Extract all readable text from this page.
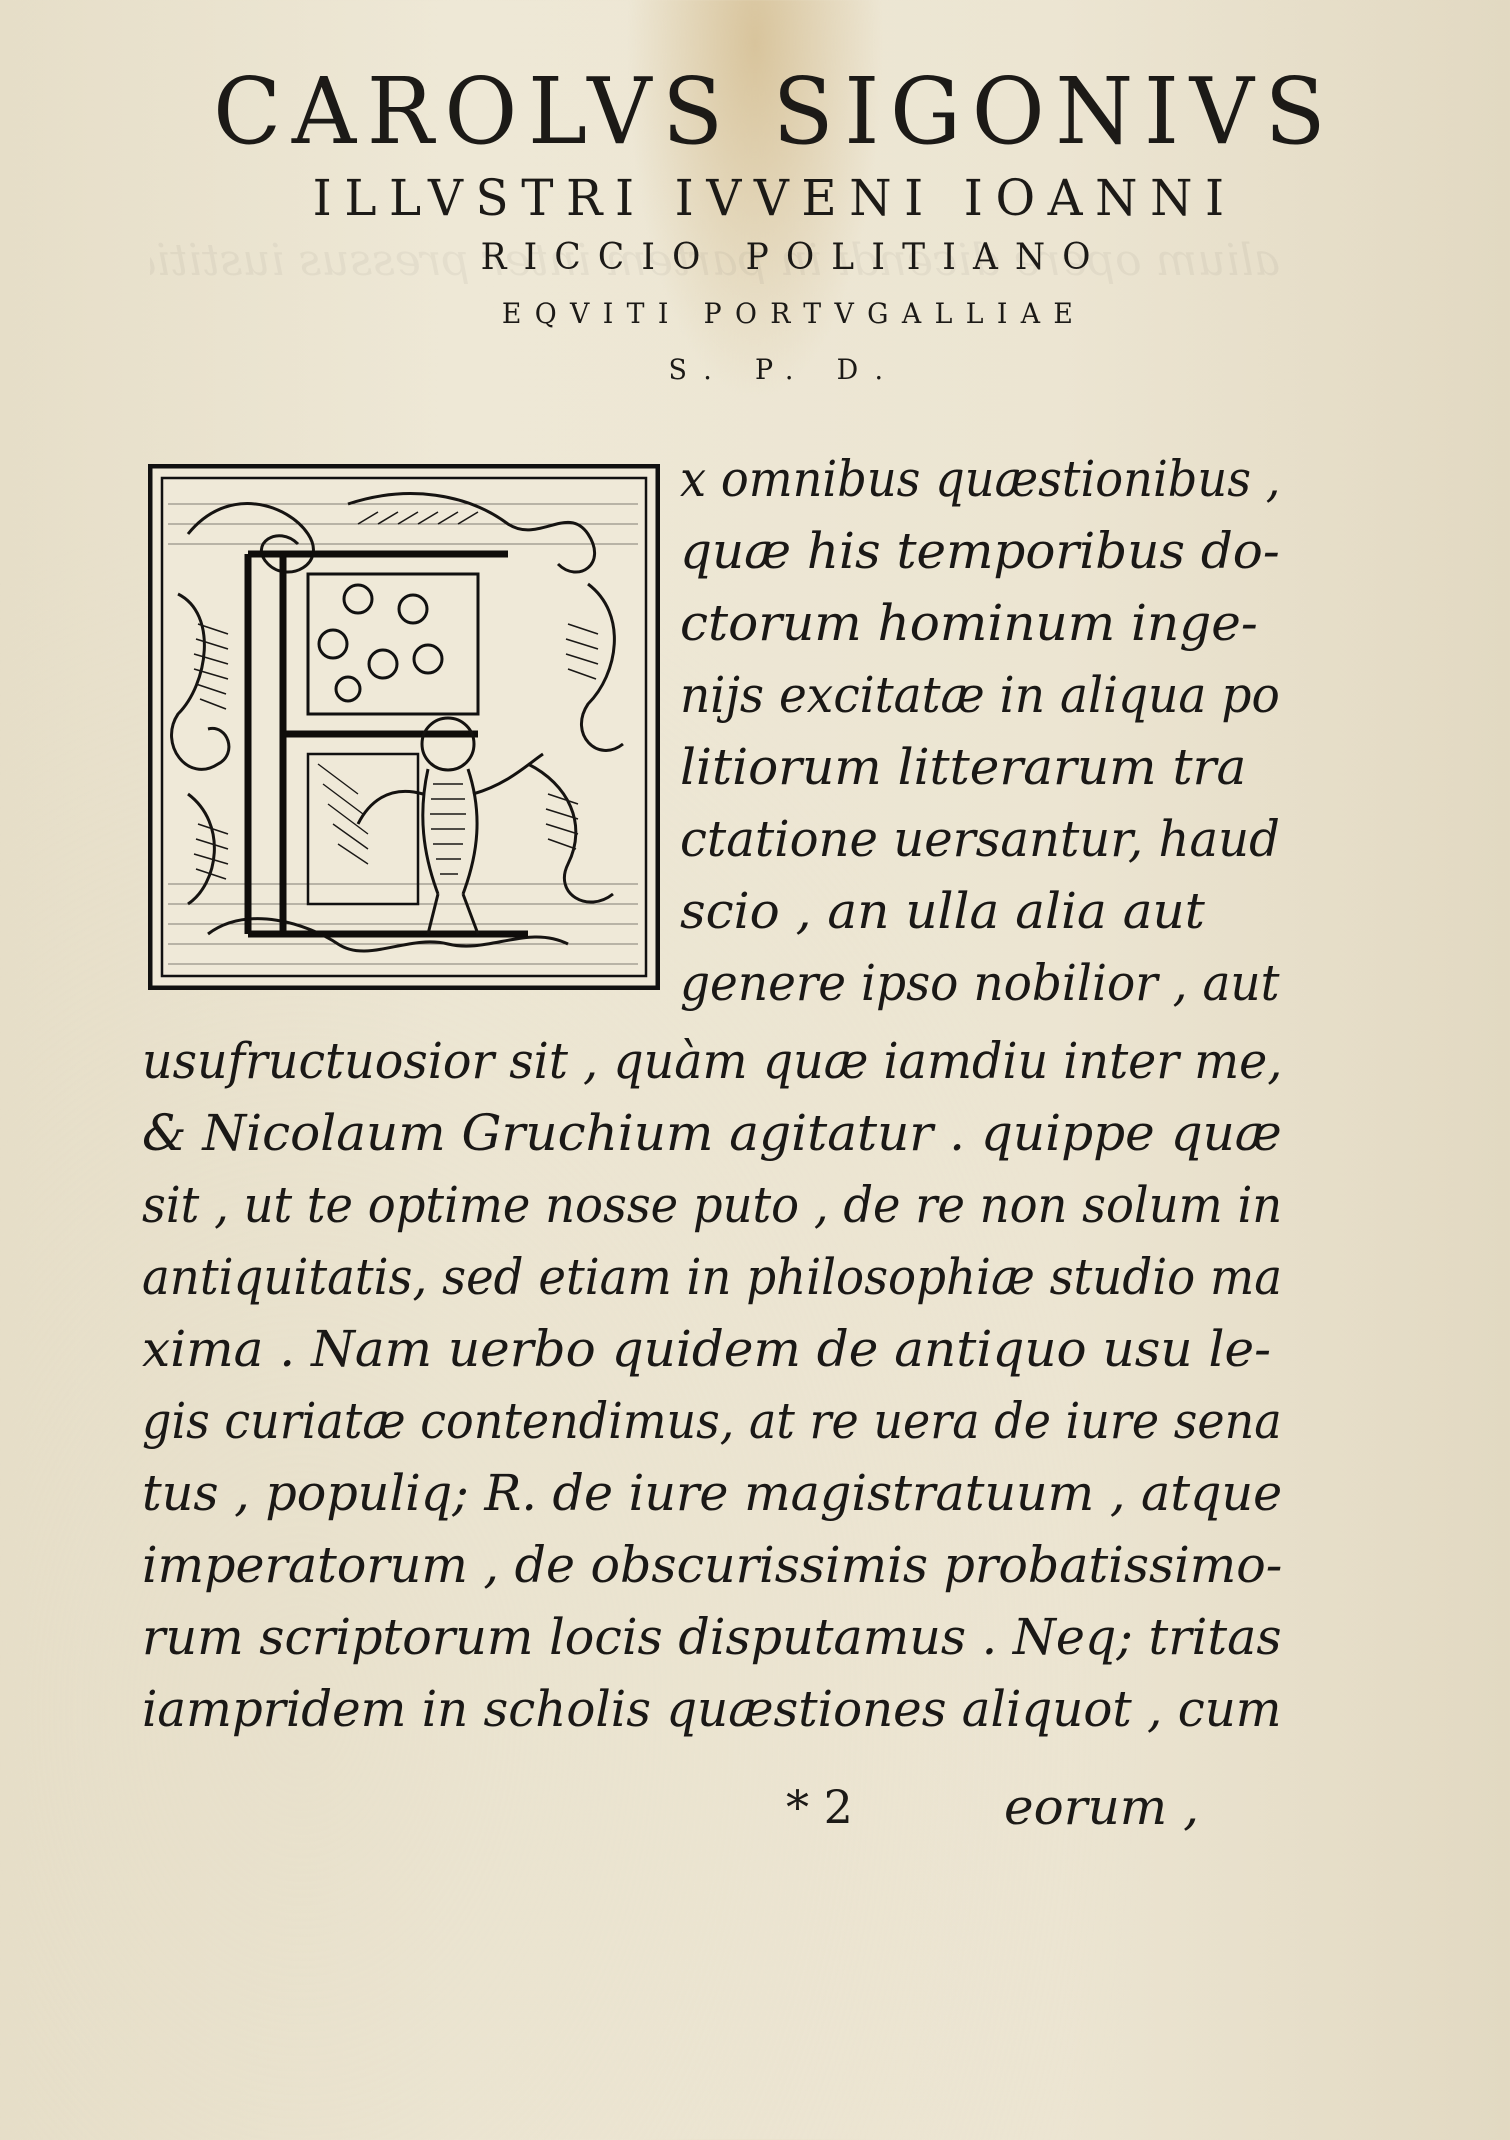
CAROLVS SIGONIVS
ILLVSTRI IVVENI IOANNI
RICCIO POLITIANO
EQVITI PORTVGALLIAE
S. P. D.
x omnibus quæstionibus ,
quæ his temporibus do-
ctorum hominum inge-
nijs excitatæ in aliqua po
litiorum litterarum tra
ctatione uersantur, haud
scio , an ulla alia aut
genere ipso nobilior , aut
usufructuosior sit , quàm quæ iamdiu inter me,
& Nicolaum Gruchium agitatur . quippe quæ
sit , ut te optime nosse puto , de re non solum in
antiquitatis, sed etiam in philosophiæ studio ma
xima . Nam uerbo quidem de antiquo usu le-
gis curiatæ contendimus, at re uera de iure sena
tus , populiq; R. de iure magistratuum , atque
imperatorum , de obscurissimis probatissimo-
rum scriptorum locis disputamus . Neq; tritas
iampridem in scholis quæstiones aliquot , cum
* 2	eorum ,
